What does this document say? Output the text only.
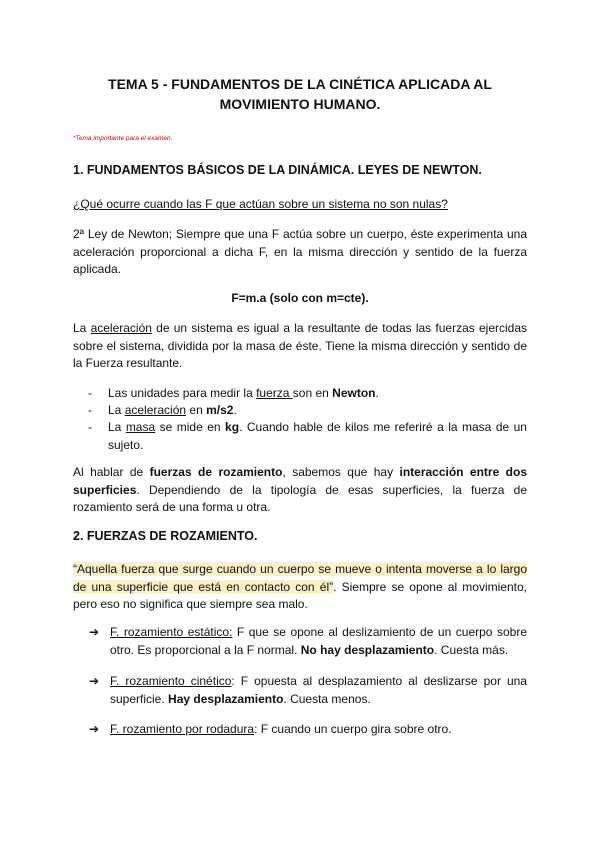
TEMA 5 - FUNDAMENTOS DE LA CINÉTICA APLICADA AL
MOVIMIENTO HUMANO.
*Tema importante para el examen.
1. FUNDAMENTOS BÁSICOS DE LA DINÁMICA. LEYES DE NEWTON.
¿Qué ocurre cuando las F que actúan sobre un sistema no son nulas?
2ª Ley de Newton; Siempre que una F actúa sobre un cuerpo, éste experimenta una aceleración proporcional a dicha F, en la misma dirección y sentido de la fuerza aplicada.
F=m.a (solo con m=cte).
La aceleración de un sistema es igual a la resultante de todas las fuerzas ejercidas sobre el sistema, dividida por la masa de éste. Tiene la misma dirección y sentido de la Fuerza resultante.
- Las unidades para medir la fuerza son en Newton.
- La aceleración en m/s2.
- La masa se mide en kg. Cuando hable de kilos me referiré a la masa de un sujeto.
Al hablar de fuerzas de rozamiento, sabemos que hay interacción entre dos superficies. Dependiendo de la tipología de esas superficies, la fuerza de rozamiento será de una forma u otra.
2. FUERZAS DE ROZAMIENTO.
“Aquella fuerza que surge cuando un cuerpo se mueve o intenta moverse a lo largo de una superficie que está en contacto con él”. Siempre se opone al movimiento, pero eso no significa que siempre sea malo.
➔ F. rozamiento estático: F que se opone al deslizamiento de un cuerpo sobre otro. Es proporcional a la F normal. No hay desplazamiento. Cuesta más.
➔ F. rozamiento cinético: F opuesta al desplazamiento al deslizarse por una superficie. Hay desplazamiento. Cuesta menos.
➔ F. rozamiento por rodadura: F cuando un cuerpo gira sobre otro.
